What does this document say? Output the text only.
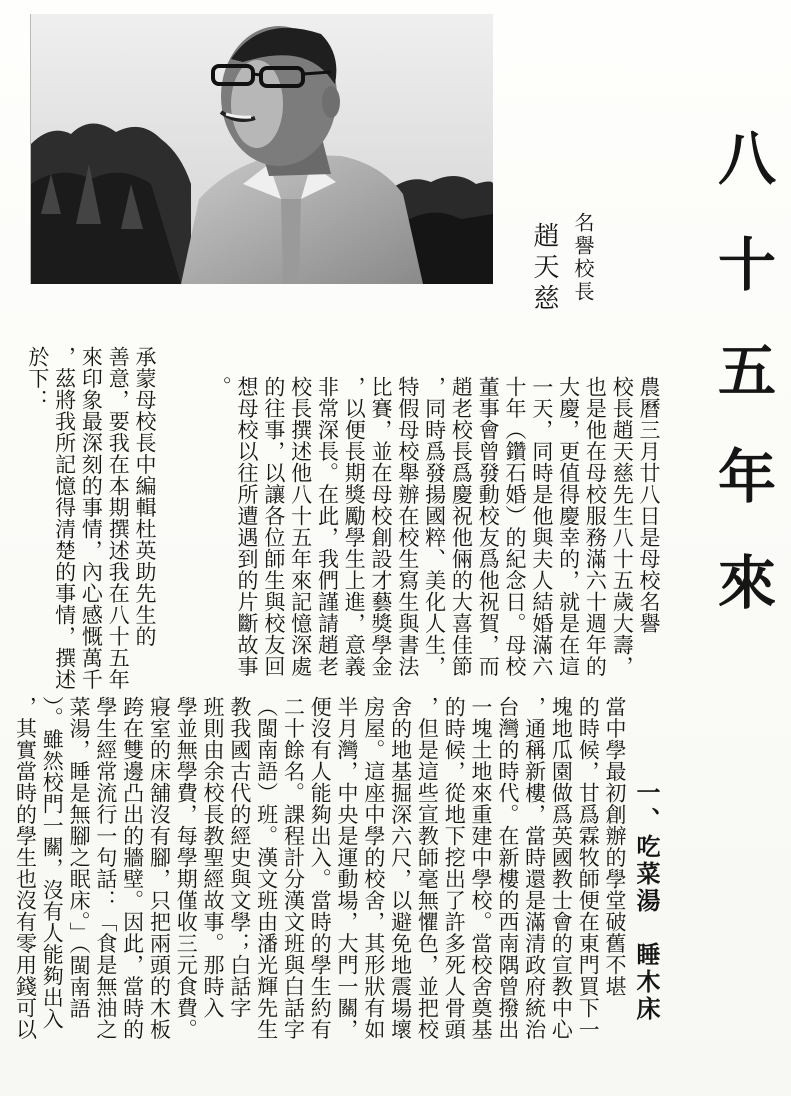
八十五年來
名譽校長
趙天慈

農曆三月廿八日是母校名譽

校長趙天慈先生八十五歲大壽，

也是他在母校服務滿六十週年的

大慶，更值得慶幸的，就是在這

一天，同時是他與夫人結婚滿六

十年（鑽石婚）的紀念日。母校

董事會曾發動校友爲他祝賀，而

趙老校長爲慶祝他倆的大喜佳節

，同時爲發揚國粹、美化人生，

特假母校舉辦在校生寫生與書法

比賽，並在母校創設才藝獎學金

，以便長期獎勵學生上進，意義

非常深長。在此，我們謹請趙老

校長撰述他八十五年來記憶深處

的往事，以讓各位師生與校友回

想母校以往所遭遇到的片斷故事

。

承蒙母校長中編輯杜英助先生的

善意，要我在本期撰述我在八十五年

來印象最深刻的事情，內心感慨萬千

，茲將我所記憶得清楚的事情，撰述

於下：

一、吃菜湯　睡木床

當中學最初創辦的學堂破舊不堪

的時候，甘爲霖牧師便在東門買下一

塊地瓜園做爲英國教士會的宣教中心

，通稱新樓，當時還是滿清政府統治

台灣的時代。在新樓的西南隅曾撥出

一塊土地來重建中學校。當校舍奠基

的時候，從地下挖出了許多死人骨頭

，但是這些宣教師毫無懼色，並把校

舍的地基掘深六尺，以避免地震場壞

房屋。這座中學的校舍，其形狀有如

半月灣，中央是運動場，大門一關，

便沒有人能夠出入。當時的學生約有

二十餘名。課程計分漢文班與白話字

（閩南語）班。漢文班由潘光輝先生

教我國古代的經史與文學；白話字

班則由余校長教聖經故事。那時入

學並無學費，每學期僅收三元食費。

寢室的床舖沒有腳，只把兩頭的木板

跨在雙邊凸出的牆壁。因此，當時的

學生經常流行一句話：「食是無油之

菜湯，睡是無腳之眠床。」（閩南語

）。雖然校門一關，沒有人能夠出入

，其實當時的學生也沒有零用錢可以
